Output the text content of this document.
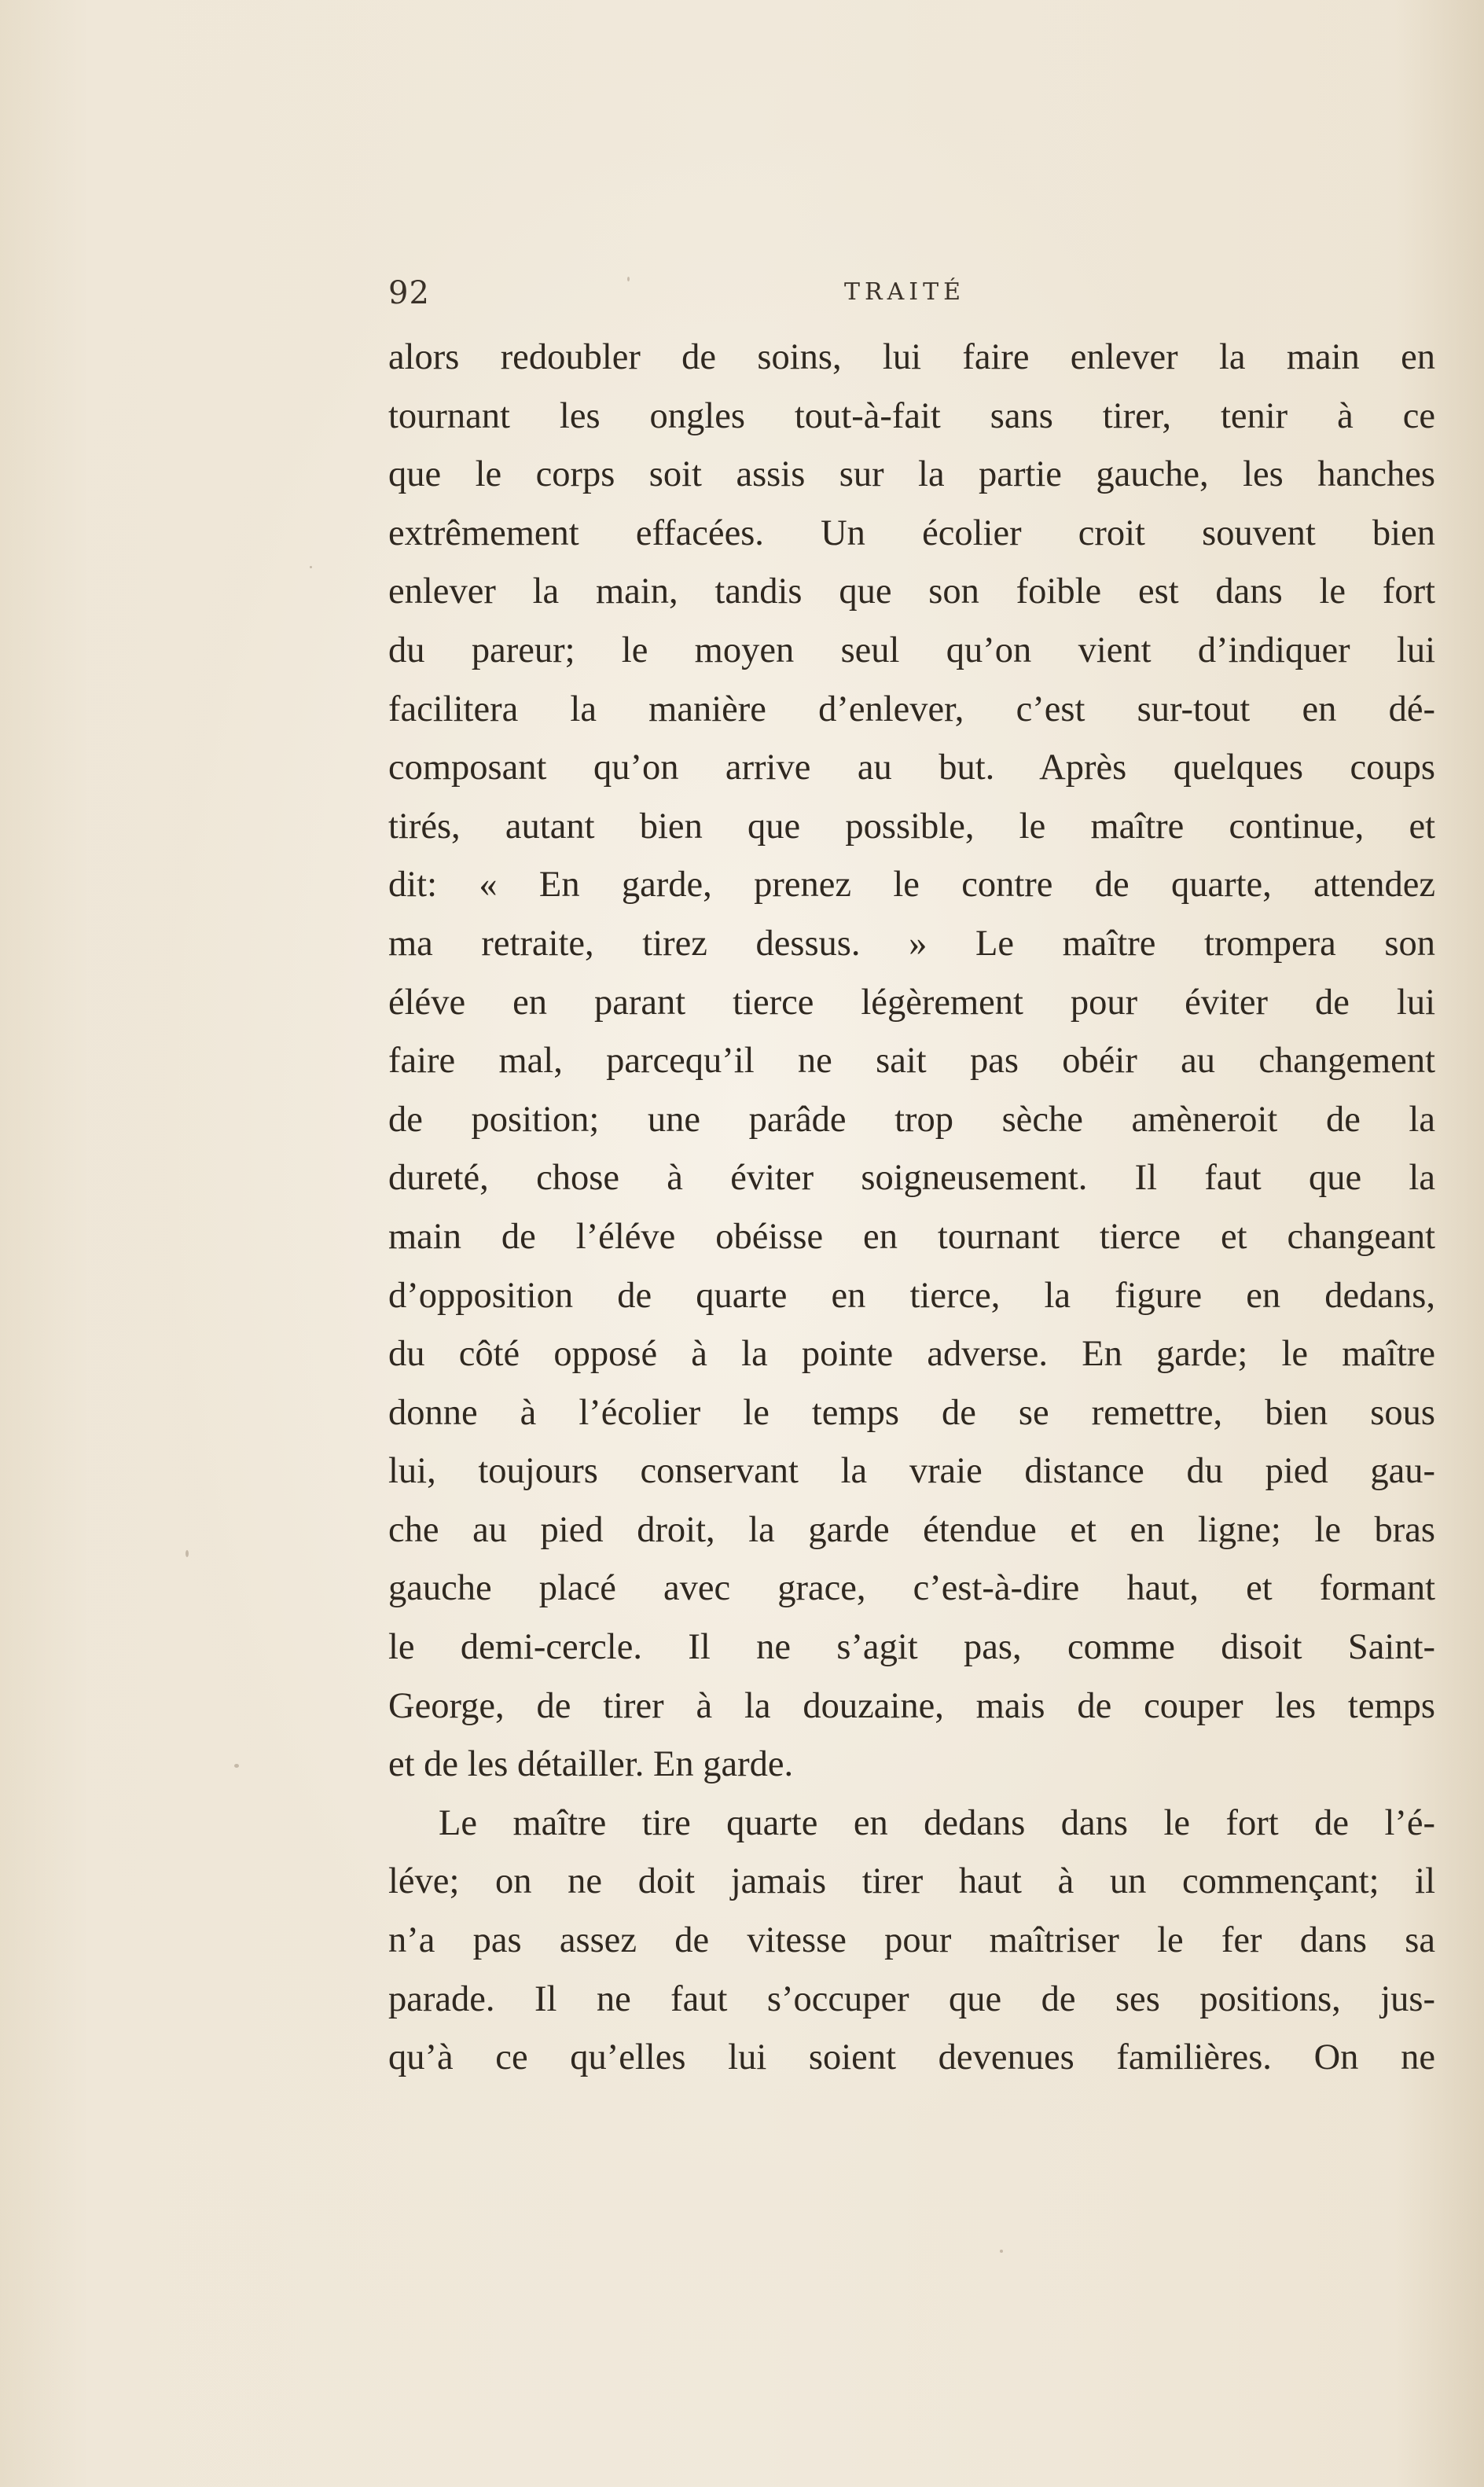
92	TRAITÉ
alors redoubler de soins, lui faire enlever la main en
tournant les ongles tout-à-fait sans tirer, tenir à ce
que le corps soit assis sur la partie gauche, les hanches
extrêmement effacées. Un écolier croit souvent bien
enlever la main, tandis que son foible est dans le fort
du pareur; le moyen seul qu’on vient d’indiquer lui
facilitera la manière d’enlever, c’est sur-tout en dé-
composant qu’on arrive au but. Après quelques coups
tirés, autant bien que possible, le maître continue, et
dit: « En garde, prenez le contre de quarte, attendez
ma retraite, tirez dessus. » Le maître trompera son
éléve en parant tierce légèrement pour éviter de lui
faire mal, parcequ’il ne sait pas obéir au changement
de position; une parâde trop sèche amèneroit de la
dureté, chose à éviter soigneusement. Il faut que la
main de l’éléve obéisse en tournant tierce et changeant
d’opposition de quarte en tierce, la figure en dedans,
du côté opposé à la pointe adverse. En garde; le maître
donne à l’écolier le temps de se remettre, bien sous
lui, toujours conservant la vraie distance du pied gau-
che au pied droit, la garde étendue et en ligne; le bras
gauche placé avec grace, c’est-à-dire haut, et formant
le demi-cercle. Il ne s’agit pas, comme disoit Saint-
George, de tirer à la douzaine, mais de couper les temps
et de les détailler. En garde.
Le maître tire quarte en dedans dans le fort de l’é-
léve; on ne doit jamais tirer haut à un commençant; il
n’a pas assez de vitesse pour maîtriser le fer dans sa
parade. Il ne faut s’occuper que de ses positions, jus-
qu’à ce qu’elles lui soient devenues familières. On ne
